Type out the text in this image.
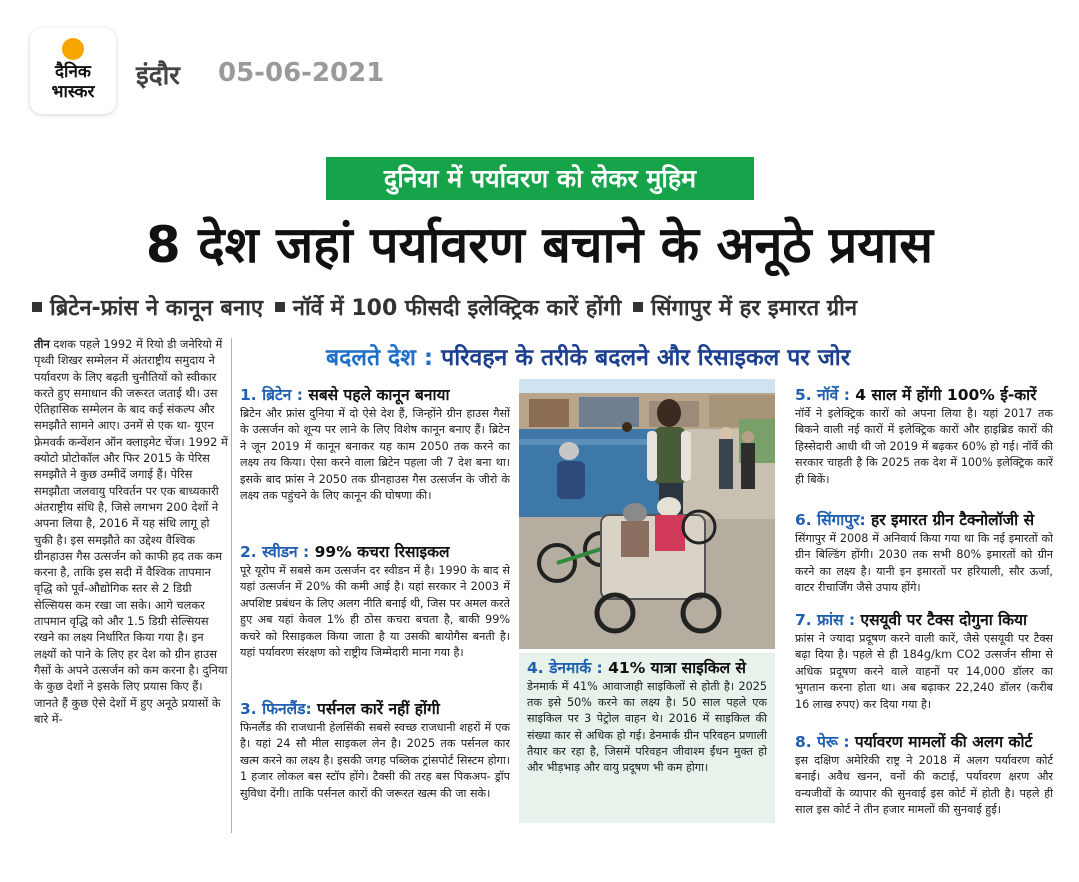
दैनिक
भास्कर
इंदौर 05-06-2021
दुनिया में पर्यावरण को लेकर मुहिम
8 देश जहां पर्यावरण बचाने के अनूठे प्रयास
ब्रिटेन-फ्रांस ने कानून बनाए नॉर्वे में 100 फीसदी इलेक्ट्रिक कारें होंगी सिंगापुर में हर इमारत ग्रीन
तीन दशक पहले 1992 में रियो डी जनेरियो में पृथ्वी शिखर सम्मेलन में अंतराष्ट्रीय समुदाय ने पर्यावरण के लिए बढ़ती चुनौतियों को स्वीकार करते हुए समाधान की जरूरत जताई थी। उस ऐतिहासिक सम्मेलन के बाद कई संकल्प और समझौते सामने आए। उनमें से एक था- यूएन फ्रेमवर्क कन्वेंशन ऑन क्लाइमेट चेंज। 1992 में क्योटो प्रोटोकॉल और फिर 2015 के पेरिस समझौते ने कुछ उम्मीदें जगाई हैं। पेरिस समझौता जलवायु परिवर्तन पर एक बाध्यकारी अंतराष्ट्रीय संधि है, जिसे लगभग 200 देशों ने अपना लिया है, 2016 में यह संधि लागू हो चुकी है। इस समझौते का उद्देश्य वैश्विक ग्रीनहाउस गैस उत्सर्जन को काफी हद तक कम करना है, ताकि इस सदी में वैश्विक तापमान वृद्धि को पूर्व-औद्योगिक स्तर से 2 डिग्री सेल्सियस कम रखा जा सके। आगे चलकर तापमान वृद्धि को और 1.5 डिग्री सेल्सियस रखने का लक्ष्य निर्धारित किया गया है। इन लक्ष्यों को पाने के लिए हर देश को ग्रीन हाउस गैसों के अपने उत्सर्जन को कम करना है। दुनिया के कुछ देशों ने इसके लिए प्रयास किए हैं। जानते हैं कुछ ऐसे देशों में हुए अनूठे प्रयासों के बारे में-
बदलते देश : परिवहन के तरीके बदलने और रिसाइकल पर जोर
1. ब्रिटेन : सबसे पहले कानून बनाया

ब्रिटेन और फ्रांस दुनिया में दो ऐसे देश हैं, जिन्होंने ग्रीन हाउस गैसों के उत्सर्जन को शून्य पर लाने के लिए विशेष कानून बनाए हैं। ब्रिटेन ने जून 2019 में कानून बनाकर यह काम 2050 तक करने का लक्ष्य तय किया। ऐसा करने वाला ब्रिटेन पहला जी 7 देश बना था। इसके बाद फ्रांस ने 2050 तक ग्रीनहाउस गैस उत्सर्जन के जीरो के लक्ष्य तक पहुंचने के लिए कानून की घोषणा की।

2. स्वीडन : 99% कचरा रिसाइकल

पूरे यूरोप में सबसे कम उत्सर्जन दर स्वीडन में है। 1990 के बाद से यहां उत्सर्जन में 20% की कमी आई है। यहां सरकार ने 2003 में अपशिष्ट प्रबंधन के लिए अलग नीति बनाई थी, जिस पर अमल करते हुए अब यहां केवल 1% ही ठोस कचरा बचता है, बाकी 99% कचरे को रिसाइकल किया जाता है या उसकी बायोगैस बनती है। यहां पर्यावरण संरक्षण को राष्ट्रीय जिम्मेदारी माना गया है।

3. फिनलैंड: पर्सनल कारें नहीं होंगी

फिनलैंड की राजधानी हेलसिंकी सबसे स्वच्छ राजधानी शहरों में एक है। यहां 24 सौ मील साइकल लेन है। 2025 तक पर्सनल कार खत्म करने का लक्ष्य है। इसकी जगह पब्लिक ट्रांसपोर्ट सिस्टम होगा। 1 हजार लोकल बस स्टॉप होंगे। टैक्सी की तरह बस पिकअप- ड्रॉप सुविधा देंगी। ताकि पर्सनल कारों की जरूरत खत्म की जा सके।

4. डेनमार्क : 41% यात्रा साइकिल से

डेनमार्क में 41% आवाजाही साइकिलों से होती है। 2025 तक इसे 50% करने का लक्ष्य है। 50 साल पहले एक साइकिल पर 3 पेट्रोल वाहन थे। 2016 में साइकिल की संख्या कार से अधिक हो गई। डेनमार्क ग्रीन परिवहन प्रणाली तैयार कर रहा है, जिसमें परिवहन जीवाश्म ईंधन मुक्त हो और भीड़भाड़ और वायु प्रदूषण भी कम होगा।

5. नॉर्वे : 4 साल में होंगी 100% ई-कारें

नॉर्वे ने इलेक्ट्रिक कारों को अपना लिया है। यहां 2017 तक बिकने वाली नई कारों में इलेक्ट्रिक कारों और हाइब्रिड कारों की हिस्सेदारी आधी थी जो 2019 में बढ़कर 60% हो गई। नॉर्वे की सरकार चाहती है कि 2025 तक देश में 100% इलेक्ट्रिक कारें ही बिकें।

6. सिंगापुर: हर इमारत ग्रीन टैक्नोलॉजी से

सिंगापुर में 2008 में अनिवार्य किया गया था कि नई इमारतों को ग्रीन बिल्डिंग होंगी। 2030 तक सभी 80% इमारतों को ग्रीन करने का लक्ष्य है। यानी इन इमारतों पर हरियाली, सौर ऊर्जा, वाटर रीचार्जिंग जैसे उपाय होंगे।

7. फ्रांस : एसयूवी पर टैक्स दोगुना किया

फ्रांस ने ज्यादा प्रदूषण करने वाली कारें, जैसे एसयूवी पर टैक्स बढ़ा दिया है। पहले से ही 184g/km CO2 उत्सर्जन सीमा से अधिक प्रदूषण करने वाले वाहनों पर 14,000 डॉलर का भुगतान करना होता था। अब बढ़ाकर 22,240 डॉलर (करीब 16 लाख रुपए) कर दिया गया है।

8. पेरू : पर्यावरण मामलों की अलग कोर्ट

इस दक्षिण अमेरिकी राष्ट्र ने 2018 में अलग पर्यावरण कोर्ट बनाई। अवैध खनन, वनों की कटाई, पर्यावरण क्षरण और वन्यजीवों के व्यापार की सुनवाई इस कोर्ट में होती है। पहले ही साल इस कोर्ट ने तीन हजार मामलों की सुनवाई हुई।
